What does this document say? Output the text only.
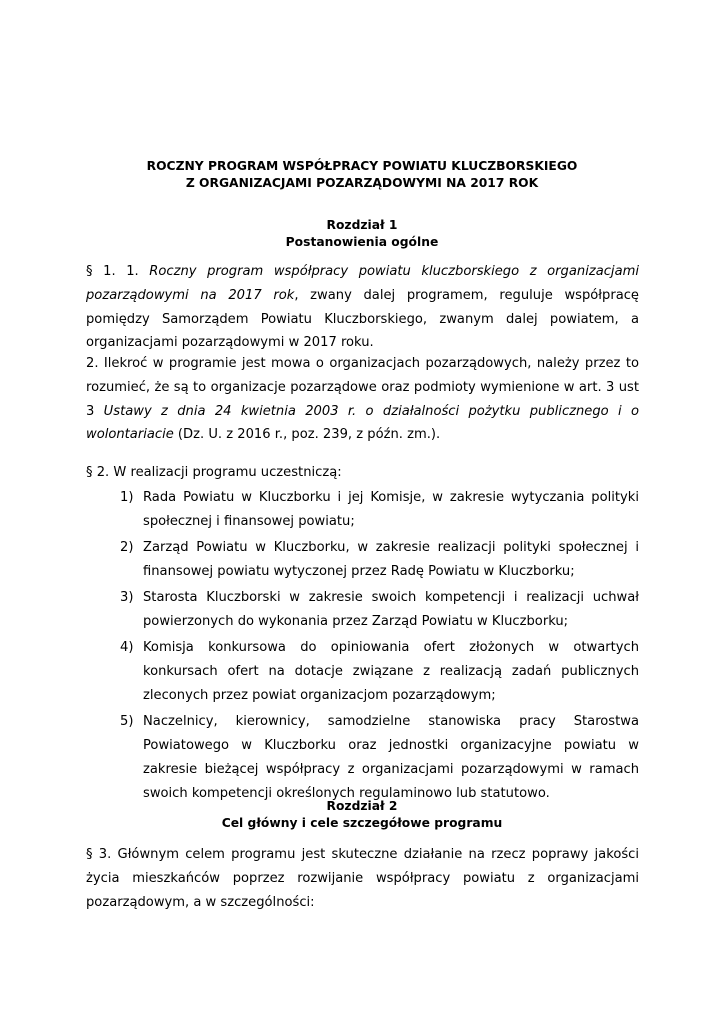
ROCZNY PROGRAM WSPÓŁPRACY POWIATU KLUCZBORSKIEGO
Z ORGANIZACJAMI POZARZĄDOWYMI NA 2017 ROK
Rozdział 1
Postanowienia ogólne

§ 1. 1. Roczny program współpracy powiatu kluczborskiego z organizacjami pozarządowymi na 2017 rok, zwany dalej programem, reguluje współpracę pomiędzy Samorządem Powiatu Kluczborskiego, zwanym dalej powiatem, a organizacjami pozarządowymi w 2017 roku.

2. Ilekroć w programie jest mowa o organizacjach pozarządowych, należy przez to rozumieć, że są to organizacje pozarządowe oraz podmioty wymienione w art. 3 ust 3 Ustawy z dnia 24 kwietnia 2003 r. o działalności pożytku publicznego i o wolontariacie (Dz. U. z 2016 r., poz. 239, z późn. zm.).

§ 2. W realizacji programu uczestniczą:

1) Rada Powiatu w Kluczborku i jej Komisje, w zakresie wytyczania polityki społecznej i finansowej powiatu;
2) Zarząd Powiatu w Kluczborku, w zakresie realizacji polityki społecznej i finansowej powiatu wytyczonej przez Radę Powiatu w Kluczborku;
3) Starosta Kluczborski w zakresie swoich kompetencji i realizacji uchwał powierzonych do wykonania przez Zarząd Powiatu w Kluczborku;
4) Komisja konkursowa do opiniowania ofert złożonych w otwartych konkursach ofert na dotacje związane z realizacją zadań publicznych zleconych przez powiat organizacjom pozarządowym;
5) Naczelnicy, kierownicy, samodzielne stanowiska pracy Starostwa Powiatowego w Kluczborku oraz jednostki organizacyjne powiatu w zakresie bieżącej współpracy z organizacjami pozarządowymi w ramach swoich kompetencji określonych regulaminowo lub statutowo.
Rozdział 2
Cel główny i cele szczegółowe programu

§ 3. Głównym celem programu jest skuteczne działanie na rzecz poprawy jakości życia mieszkańców poprzez rozwijanie współpracy powiatu z organizacjami pozarządowym, a w szczególności:
